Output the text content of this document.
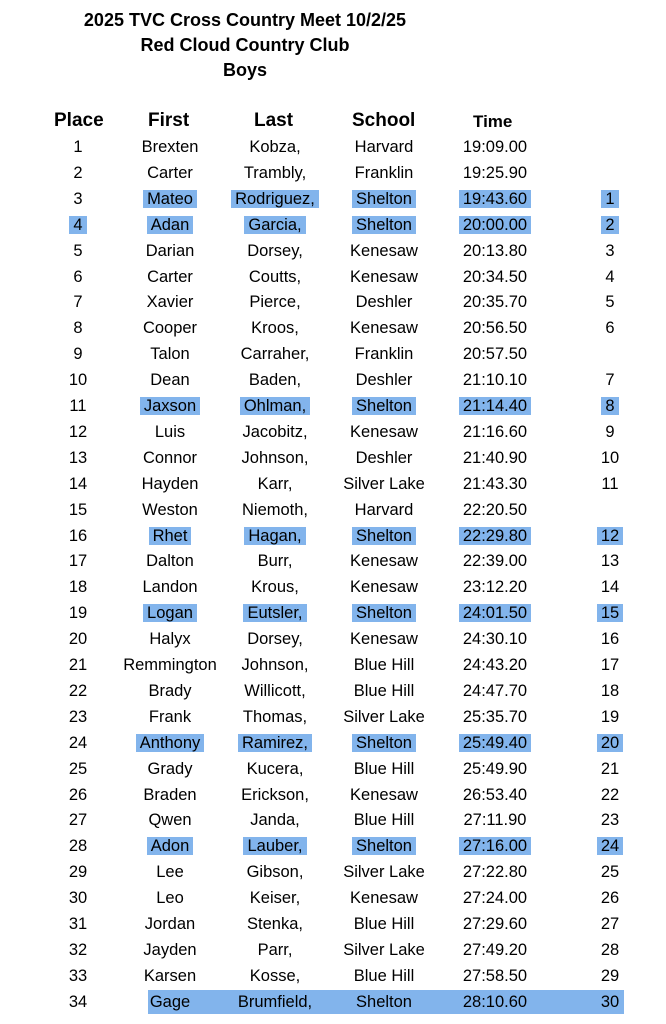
2025 TVC Cross Country Meet 10/2/25
Red Cloud Country Club
Boys
Place First	Last	School	Time
1	Brexten	Kobza,	Harvard	19:09.00
2	Carter	Trambly,	Franklin	19:25.90
3	Mateo	Rodriguez,	Shelton	19:43.60	1
4	Adan	Garcia,	Shelton	20:00.00	2
5	Darian	Dorsey,	Kenesaw	20:13.80	3
6	Carter	Coutts,	Kenesaw	20:34.50	4
7	Xavier	Pierce,	Deshler	20:35.70	5
8	Cooper	Kroos,	Kenesaw	20:56.50	6
9	Talon	Carraher,	Franklin	20:57.50
10	Dean	Baden,	Deshler	21:10.10	7
11	Jaxson	Ohlman,	Shelton	21:14.40	8
12	Luis	Jacobitz,	Kenesaw	21:16.60	9
13	Connor	Johnson,	Deshler	21:40.90	10
14	Hayden	Karr,	Silver Lake	21:43.30	11
15	Weston	Niemoth,	Harvard	22:20.50
16	Rhet	Hagan,	Shelton	22:29.80	12
17	Dalton	Burr,	Kenesaw	22:39.00	13
18	Landon	Krous,	Kenesaw	23:12.20	14
19	Logan	Eutsler,	Shelton	24:01.50	15
20	Halyx	Dorsey,	Kenesaw	24:30.10	16
21	Remmington	Johnson,	Blue Hill	24:43.20	17
22	Brady	Willicott,	Blue Hill	24:47.70	18
23	Frank	Thomas,	Silver Lake	25:35.70	19
24	Anthony	Ramirez,	Shelton	25:49.40	20
25	Grady	Kucera,	Blue Hill	25:49.90	21
26	Braden	Erickson,	Kenesaw	26:53.40	22
27	Qwen	Janda,	Blue Hill	27:11.90	23
28	Adon	Lauber,	Shelton	27:16.00	24
29	Lee	Gibson,	Silver Lake	27:22.80	25
30	Leo	Keiser,	Kenesaw	27:24.00	26
31	Jordan	Stenka,	Blue Hill	27:29.60	27
32	Jayden	Parr,	Silver Lake	27:49.20	28
33	Karsen	Kosse,	Blue Hill	27:58.50	29
34	Gage	Brumfield,	Shelton	28:10.60	30
